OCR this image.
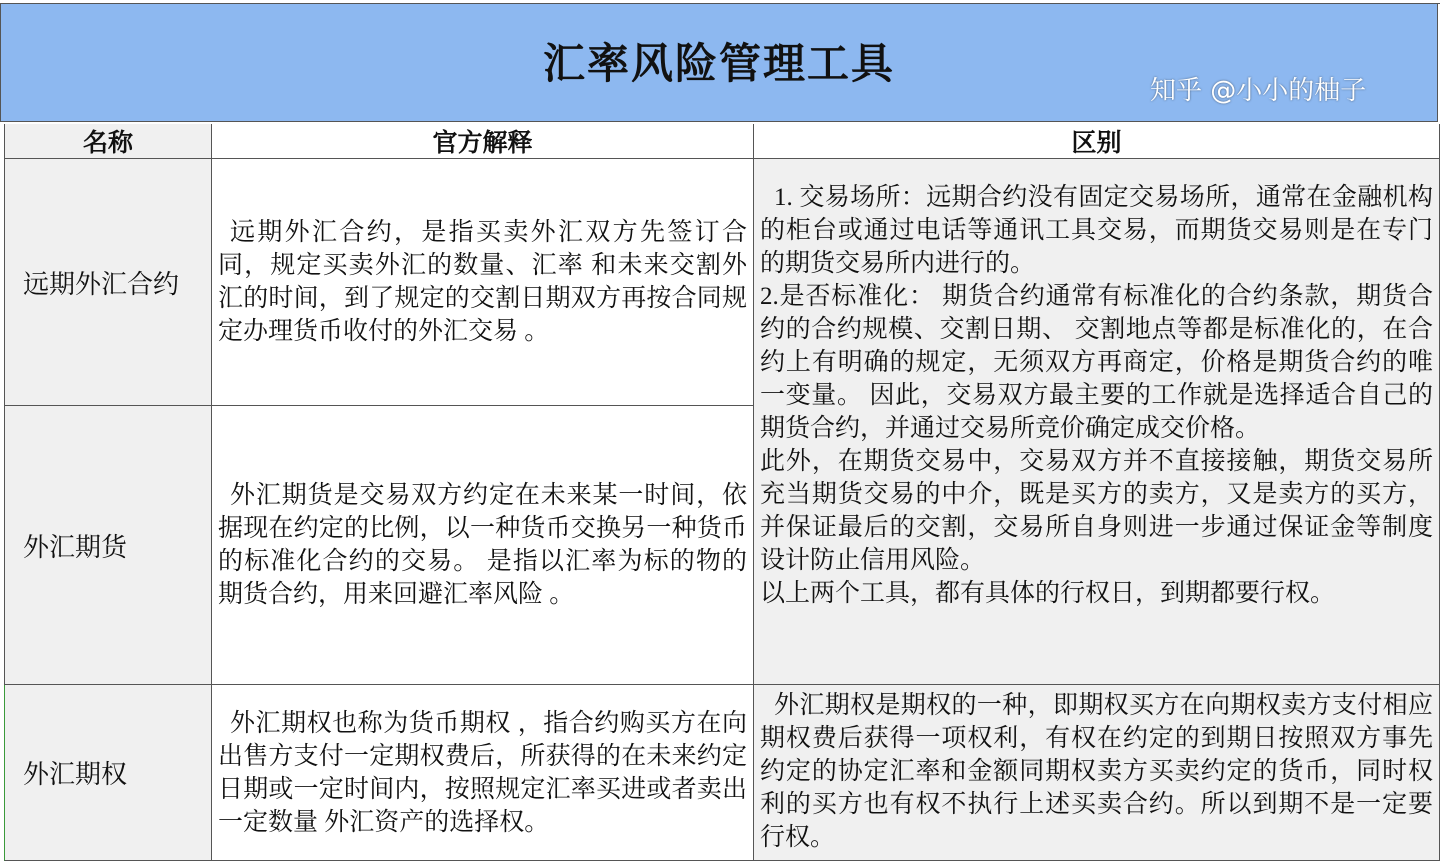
汇率风险管理工具
名称	官方解释	区别
远期外汇合约
远期外汇合约，是指买卖外汇双方先签订合同，规定买卖外汇的数量、汇率 和未来交割外汇的时间，到了规定的交割日期双方再按合同规定办理货币收付的外汇交易 。
外汇期货
外汇期货是交易双方约定在未来某一时间，依据现在约定的比例，以一种货币交换另一种货币的标准化合约的交易。 是指以汇率为标的物的期货合约，用来回避汇率风险 。
1. 交易场所：远期合约没有固定交易场所，通常在金融机构的柜台或通过电话等通讯工具交易，而期货交易则是在专门的期货交易所内进行的。
2.是否标准化： 期货合约通常有标准化的合约条款，期货合约的合约规模、交割日期、 交割地点等都是标准化的，在合约上有明确的规定，无须双方再商定，价格是期货合约的唯一变量。 因此，交易双方最主要的工作就是选择适合自己的期货合约，并通过交易所竞价确定成交价格。
此外，在期货交易中，交易双方并不直接接触，期货交易所充当期货交易的中介，既是买方的卖方，又是卖方的买方，并保证最后的交割，交易所自身则进一步通过保证金等制度设计防止信用风险。
以上两个工具，都有具体的行权日，到期都要行权。
外汇期权
外汇期权也称为货币期权 ，指合约购买方在向出售方支付一定期权费后，所获得的在未来约定日期或一定时间内，按照规定汇率买进或者卖出一定数量 外汇资产的选择权。
外汇期权是期权的一种，即期权买方在向期权卖方支付相应期权费后获得一项权利，有权在约定的到期日按照双方事先约定的协定汇率和金额同期权卖方买卖约定的货币，同时权利的买方也有权不执行上述买卖合约。所以到期不是一定要行权。
知乎 @小小的柚子
